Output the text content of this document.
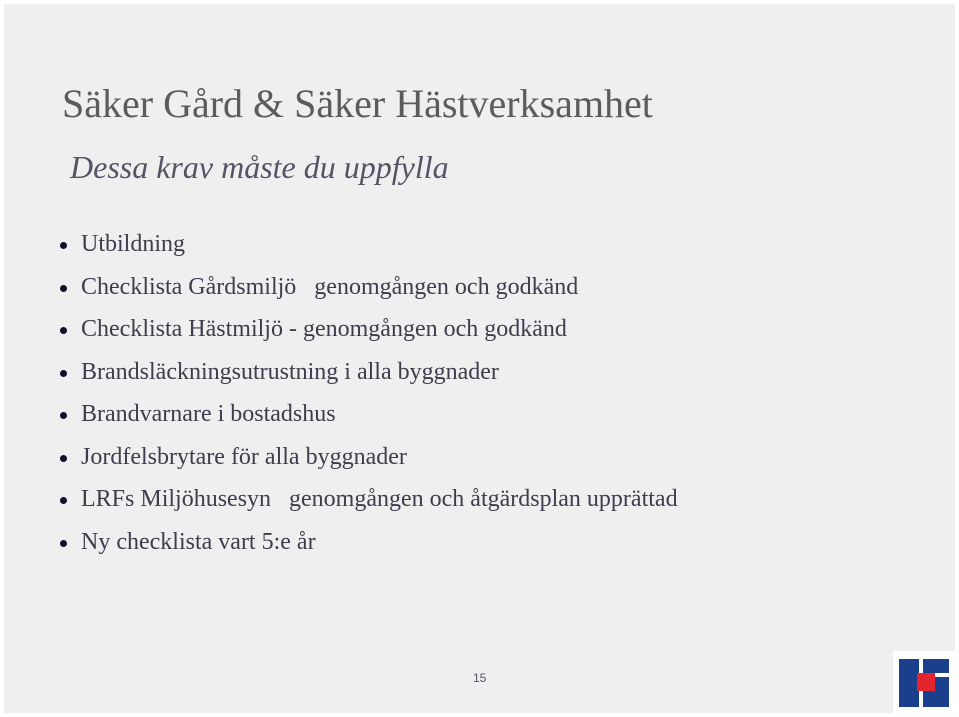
Säker Gård & Säker Hästverksamhet
Dessa krav måste du uppfylla
Utbildning
Checklista Gårdsmiljö   genomgången och godkänd
Checklista Hästmiljö - genomgången och godkänd
Brandsläckningsutrustning i alla byggnader
Brandvarnare i bostadshus
Jordfelsbrytare för alla byggnader
LRFs Miljöhusesyn   genomgången och åtgärdsplan upprättad
Ny checklista vart 5:e år
15
